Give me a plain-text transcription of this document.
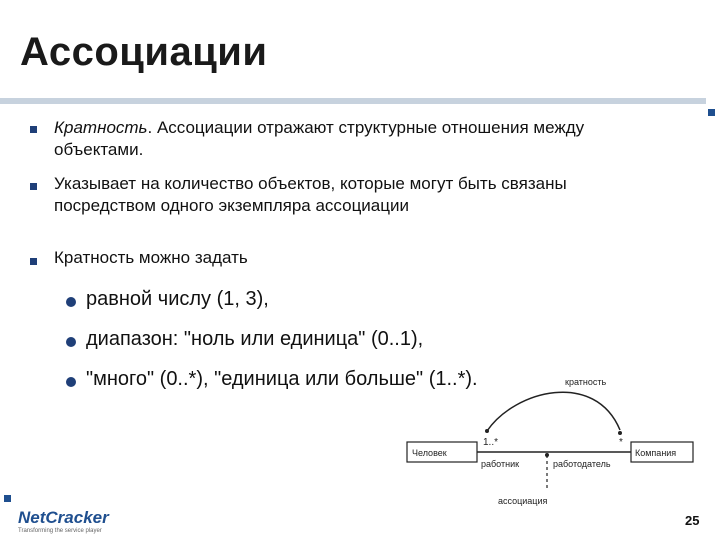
Ассоциации
Кратность. Ассоциации отражают структурные отношения между
объектами.
Указывает на количество объектов, которые могут быть связаны
посредством одного экземпляра ассоциации
Кратность можно задать
равной числу (1, 3),
диапазон: "ноль или единица" (0..1),
"много" (0..*), "единица или больше" (1..*).
Человек	Компания
1..*	*
работник	работодатель
ассоциация
кратность
NetCracker
Transforming the service player
25
